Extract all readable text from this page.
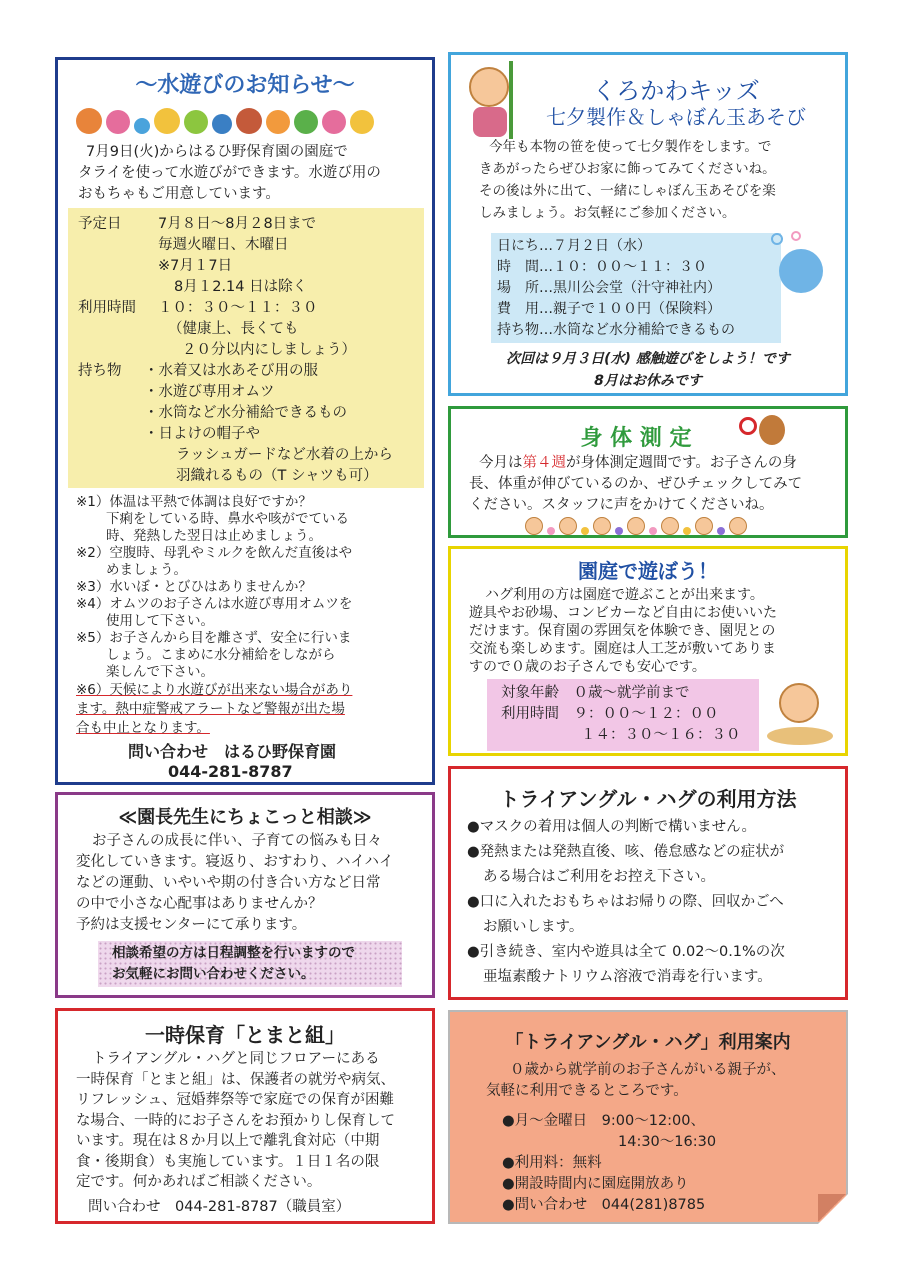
～水遊びのお知らせ～
7月9日(火)からはるひ野保育園の園庭で
タライを使って水遊びができます。水遊び用の
おもちゃもご用意しています。
予定日	7月８日～8月２8日まで
毎週火曜日、木曜日
※7月１7日
8月１2.14 日は除く
利用時間 １０：３０～１１：３０
（健康上、長くても
２０分以内にしましょう）
持ち物 ・水着又は水あそび用の服
・水遊び専用オムツ
・水筒など水分補給できるもの
・日よけの帽子や
ラッシュガードなど水着の上から
羽織れるもの（T シャツも可）
※1）体温は平熱で体調は良好ですか？
下痢をしている時、鼻水や咳がでている
時、発熱した翌日は止めましょう。
※2）空腹時、母乳やミルクを飲んだ直後はや
めましょう。
※3）水いぼ・とびひはありませんか？
※4）オムツのお子さんは水遊び専用オムツを
使用して下さい。
※5）お子さんから目を離さず、安全に行いま
しょう。こまめに水分補給をしながら
楽しんで下さい。
※6）天候により水遊びが出来ない場合があり
ます。熱中症警戒アラートなど警報が出た場
合も中止となります。
問い合わせ　はるひ野保育園
044-281-8787
くろかわキッズ
七夕製作＆しゃぼん玉あそび
今年も本物の笹を使って七夕製作をします。で
きあがったらぜひお家に飾ってみてくださいね。
その後は外に出て、一緒にしゃぼん玉あそびを楽
しみましょう。お気軽にご参加ください。
日にち…７月２日（水）
時　間…１０：００～１１：３０
場　所…黒川公会堂（汁守神社内）
費　用…親子で１００円（保険料）
持ち物…水筒など水分補給できるもの
次回は９月３日(水) 感触遊びをしよう！です
8月はお休みです
身 体 測 定
今月は第４週が身体測定週間です。お子さんの身
長、体重が伸びているのか、ぜひチェックしてみて
ください。スタッフに声をかけてくださいね。
園庭で遊ぼう！
ハグ利用の方は園庭で遊ぶことが出来ます。
遊具やお砂場、コンビカーなど自由にお使いいた
だけます。保育園の雰囲気を体験でき、園児との
交流も楽しめます。園庭は人工芝が敷いてありま
すので０歳のお子さんでも安心です。
対象年齢　０歳～就学前まで
利用時間　９：００～１２：００
１４：３０～１６：３０
≪園長先生にちょこっと相談≫
お子さんの成長に伴い、子育ての悩みも日々
変化していきます。寝返り、おすわり、ハイハイ
などの運動、いやいや期の付き合い方など日常
の中で小さな心配事はありませんか？
予約は支援センターにて承ります。
相談希望の方は日程調整を行いますので
お気軽にお問い合わせください。
トライアングル・ハグの利用方法
●マスクの着用は個人の判断で構いません。
●発熱または発熱直後、咳、倦怠感などの症状が
ある場合はご利用をお控え下さい。
●口に入れたおもちゃはお帰りの際、回収かごへ
お願いします。
●引き続き、室内や遊具は全て 0.02～0.1%の次
亜塩素酸ナトリウム溶液で消毒を行います。
一時保育「とまと組」
トライアングル・ハグと同じフロアーにある
一時保育「とまと組」は、保護者の就労や病気、
リフレッシュ、冠婚葬祭等で家庭での保育が困難
な場合、一時的にお子さんをお預かりし保育して
います。現在は８か月以上で離乳食対応（中期
食・後期食）も実施しています。１日１名の限
定です。何かあればご相談ください。
問い合わせ　044-281-8787（職員室）
「トライアングル・ハグ」利用案内
０歳から就学前のお子さんがいる親子が、
気軽に利用できるところです。
●月～金曜日　9:00～12:00、
14:30～16:30
●利用料：無料
●開設時間内に園庭開放あり
●問い合わせ　044(281)8785
